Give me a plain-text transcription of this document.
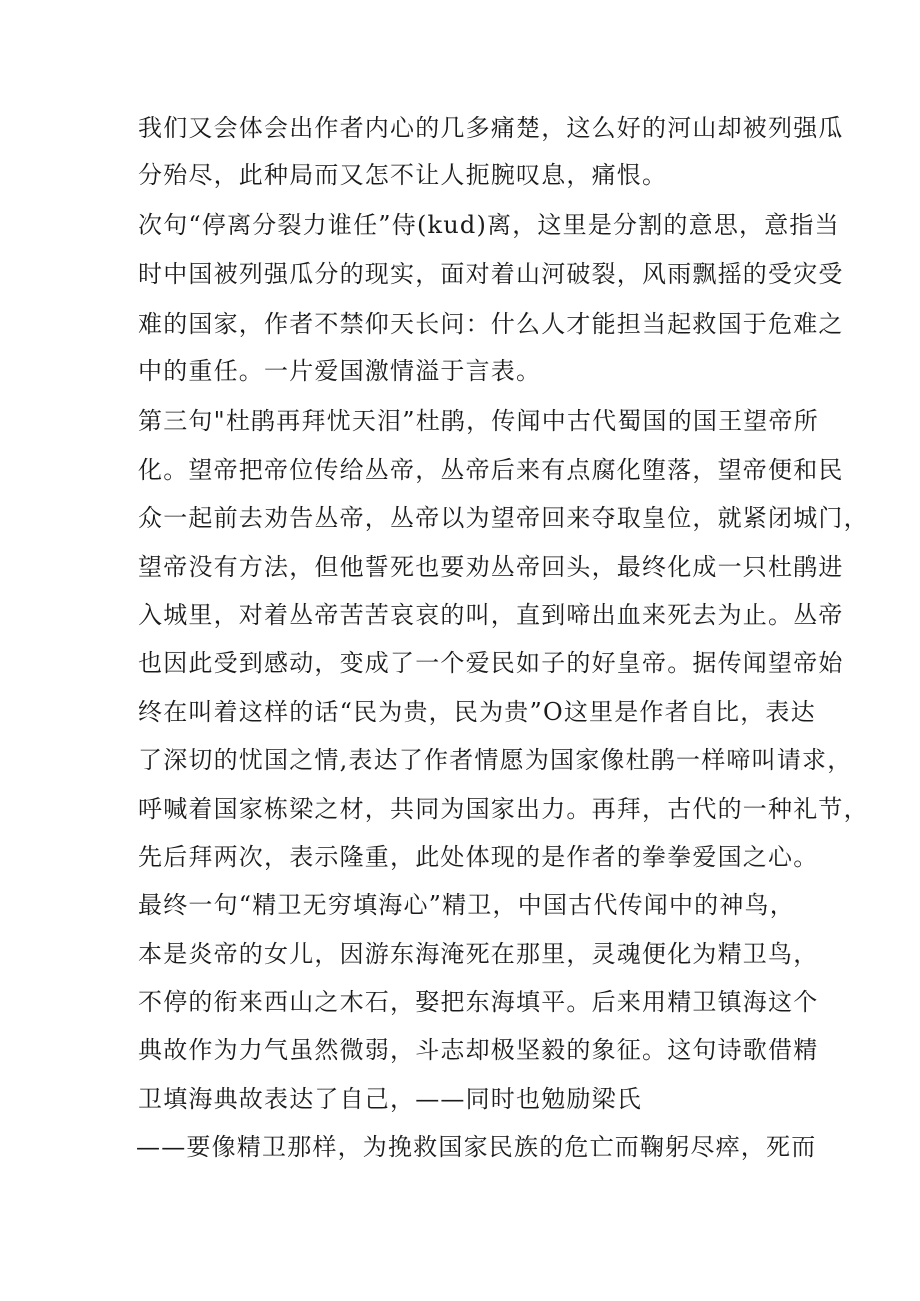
我们又会体会出作者内心的几多痛楚，这么好的河山却被列强瓜
分殆尽，此种局而又怎不让人扼腕叹息，痛恨。
次句“停离分裂力谁任”侍(kud)离，这里是分割的意思，意指当
时中国被列强瓜分的现实，面对着山河破裂，风雨飘摇的受灾受
难的国家，作者不禁仰天长问：什么人才能担当起救国于危难之
中的重任。一片爱国激情溢于言表。
第三句"杜鹃再拜忧天泪”杜鹃，传闻中古代蜀国的国王望帝所
化。望帝把帝位传给丛帝，丛帝后来有点腐化堕落，望帝便和民
众一起前去劝告丛帝，丛帝以为望帝回来夺取皇位，就紧闭城门，
望帝没有方法，但他誓死也要劝丛帝回头，最终化成一只杜鹃进
入城里，对着丛帝苦苦哀哀的叫，直到啼出血来死去为止。丛帝
也因此受到感动，变成了一个爱民如子的好皇帝。据传闻望帝始
终在叫着这样的话“民为贵，民为贵”O这里是作者自比，表达
了深切的忧国之情,表达了作者情愿为国家像杜鹃一样啼叫请求，
呼喊着国家栋梁之材，共同为国家出力。再拜，古代的一种礼节，
先后拜两次，表示隆重，此处体现的是作者的拳拳爱国之心。
最终一句“精卫无穷填海心”精卫，中国古代传闻中的神鸟，
本是炎帝的女儿，因游东海淹死在那里，灵魂便化为精卫鸟，
不停的衔来西山之木石，娶把东海填平。后来用精卫镇海这个
典故作为力气虽然微弱，斗志却极坚毅的象征。这句诗歌借精
卫填海典故表达了自己，——同时也勉励梁氏
——要像精卫那样，为挽救国家民族的危亡而鞠躬尽瘁，死而
